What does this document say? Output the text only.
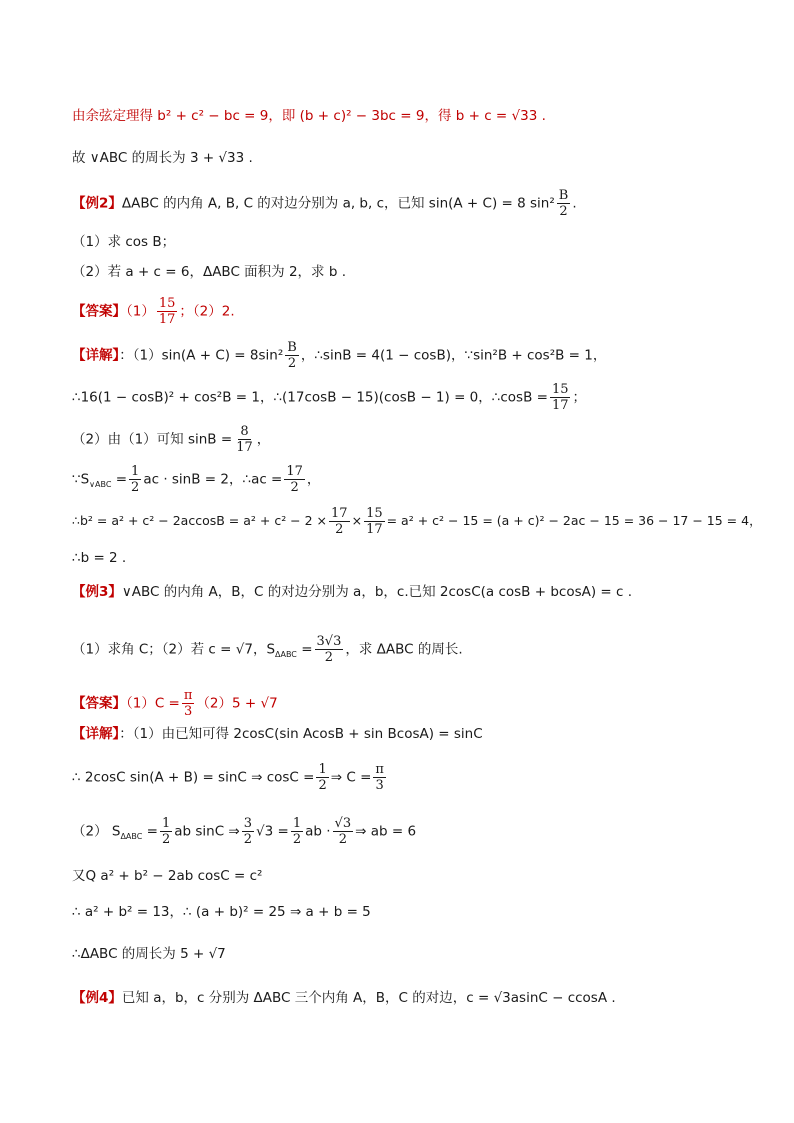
由余弦定理得 b² + c² − bc = 9，即 (b + c)² − 3bc = 9，得 b + c = √33 .
故 ∨ABC 的周长为 3 + √33 .
【例2】ΔABC 的内角 A, B, C 的对边分别为 a, b, c，已知 sin(A + C) = 8 $\sin^2 \frac{B}{2}$ .
（1）求 cos B；
（2）若 a + c = 6，ΔABC 面积为 2，求 b .
【答案】$(1) \frac{15}{17}$ ；（2）2.
【详解】：$(1)\sin(A + C) = 8\sin^2 \frac{B}{2}$ ，∴sinB = 4(1 − cosB)，∵sin²B + cos²B = 1，
∴16(1 − cosB)² + cos²B = 1，∴(17cosB − 15)(cosB − 1) = 0，∴cosB = $\frac{15}{17}$ ；
（2）由（1）可知 $\sin B = \frac{8}{17}$ ，
$\because S_{\vee ABC} = \frac{1}{2}$ ac · sinB = 2，∴ac = $\frac{17}{2}$ ，
∴b² = $a^2 + c^2 - 2accosB = a^2 + c^2 - 2 \times \frac{17}{2} \times \frac{15}{17} = a^2 + c^2 - 15 = (a + c)^2 - 2ac - 15 = 36 - 17 - 15 = 4$，
∴b = 2 .
【例3】∨ABC 的内角 A，B，C 的对边分别为 a，b，c.已知 2cosC(a cosB + bcosA) = c .
（1）求角 C；（2）若 c = √7，$S_{\Delta ABC} = \frac{3√3}{2}$ ，求 ΔABC 的周长.
【答案】$(1)C = \frac{\pi}{3} (2)5 + √7$
【详解】：（1）由已知可得 2cosC(sin AcosB + sin BcosA) = sinC
∴ 2cosC sin(A + B) = sinC ⇒ $\cos C = \frac{1}{2}$ ⇒ $C = \frac{\pi}{3}$
（2） $S_{\Delta ABC} = \frac{1}{2}$ ab sinC ⇒ $\frac{3}{2} √3 = \frac{1}{2}$ ab · $\frac{√3}{2}$ ⇒ ab = 6
又Q a² + b² − 2ab cosC = c²
∴ a² + b² = 13，∴ (a + b)² = 25 ⇒ a + b = 5
∴ΔABC 的周长为 5 + √7
【例4】已知 a，b，c 分别为 ΔABC 三个内角 A，B，C 的对边，c = √3asinC − ccosA .
